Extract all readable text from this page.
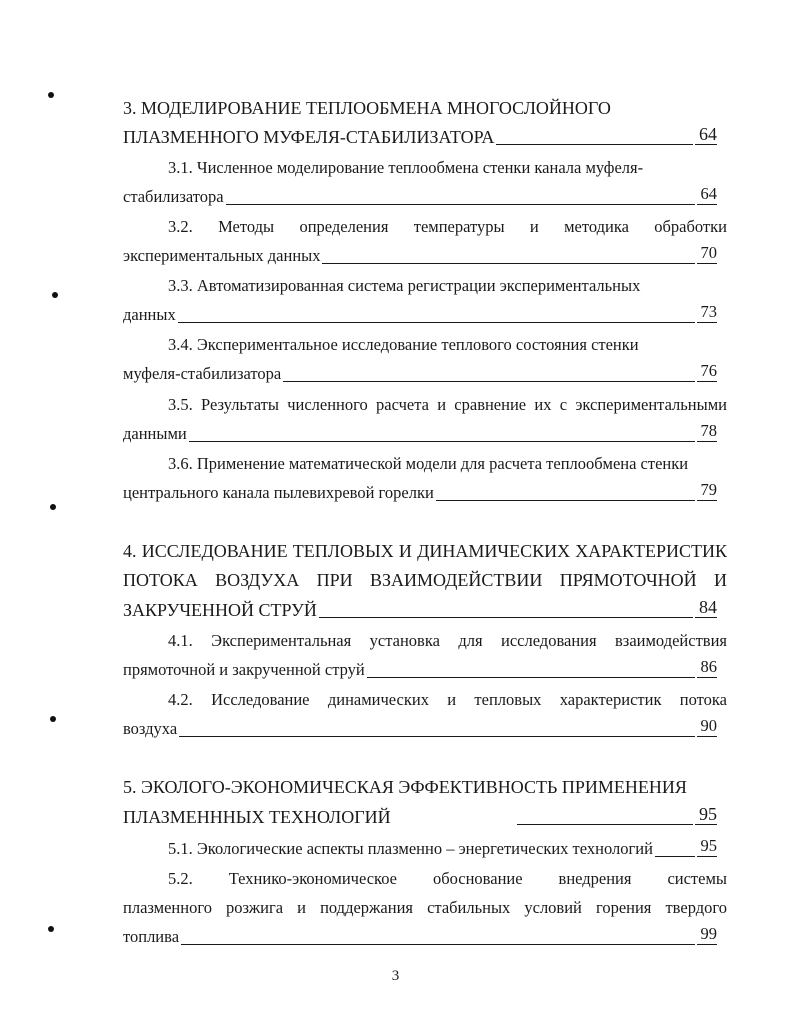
3. МОДЕЛИРОВАНИЕ ТЕПЛООБМЕНА МНОГОСЛОЙНОГО
ПЛАЗМЕННОГО МУФЕЛЯ-СТАБИЛИЗАТОРА	64
3.1. Численное моделирование теплообмена стенки канала муфеля-
стабилизатора	64
3.2. Методы определения температуры и методика обработки
экспериментальных данных	70
3.3. Автоматизированная система регистрации экспериментальных
данных	73
3.4. Экспериментальное исследование теплового состояния стенки
муфеля-стабилизатора	76
3.5. Результаты численного расчета и сравнение их с экспериментальными
данными	78
3.6. Применение математической модели для расчета теплообмена стенки
центрального канала пылевихревой горелки	79
4. ИССЛЕДОВАНИЕ ТЕПЛОВЫХ И ДИНАМИЧЕСКИХ ХАРАКТЕРИСТИК
ПОТОКА ВОЗДУХА ПРИ ВЗАИМОДЕЙСТВИИ ПРЯМОТОЧНОЙ И
ЗАКРУЧЕННОЙ СТРУЙ	84
4.1. Экспериментальная установка для исследования взаимодействия
прямоточной и закрученной струй	86
4.2. Исследование динамических и тепловых характеристик потока
воздуха	90
5. ЭКОЛОГО-ЭКОНОМИЧЕСКАЯ ЭФФЕКТИВНОСТЬ ПРИМЕНЕНИЯ
ПЛАЗМЕНННЫХ ТЕХНОЛОГИЙ	95
5.1. Экологические аспекты плазменно – энергетических технологий	95
5.2. Технико-экономическое обоснование внедрения системы
плазменного розжига и поддержания стабильных условий горения твердого
топлива	99
3
